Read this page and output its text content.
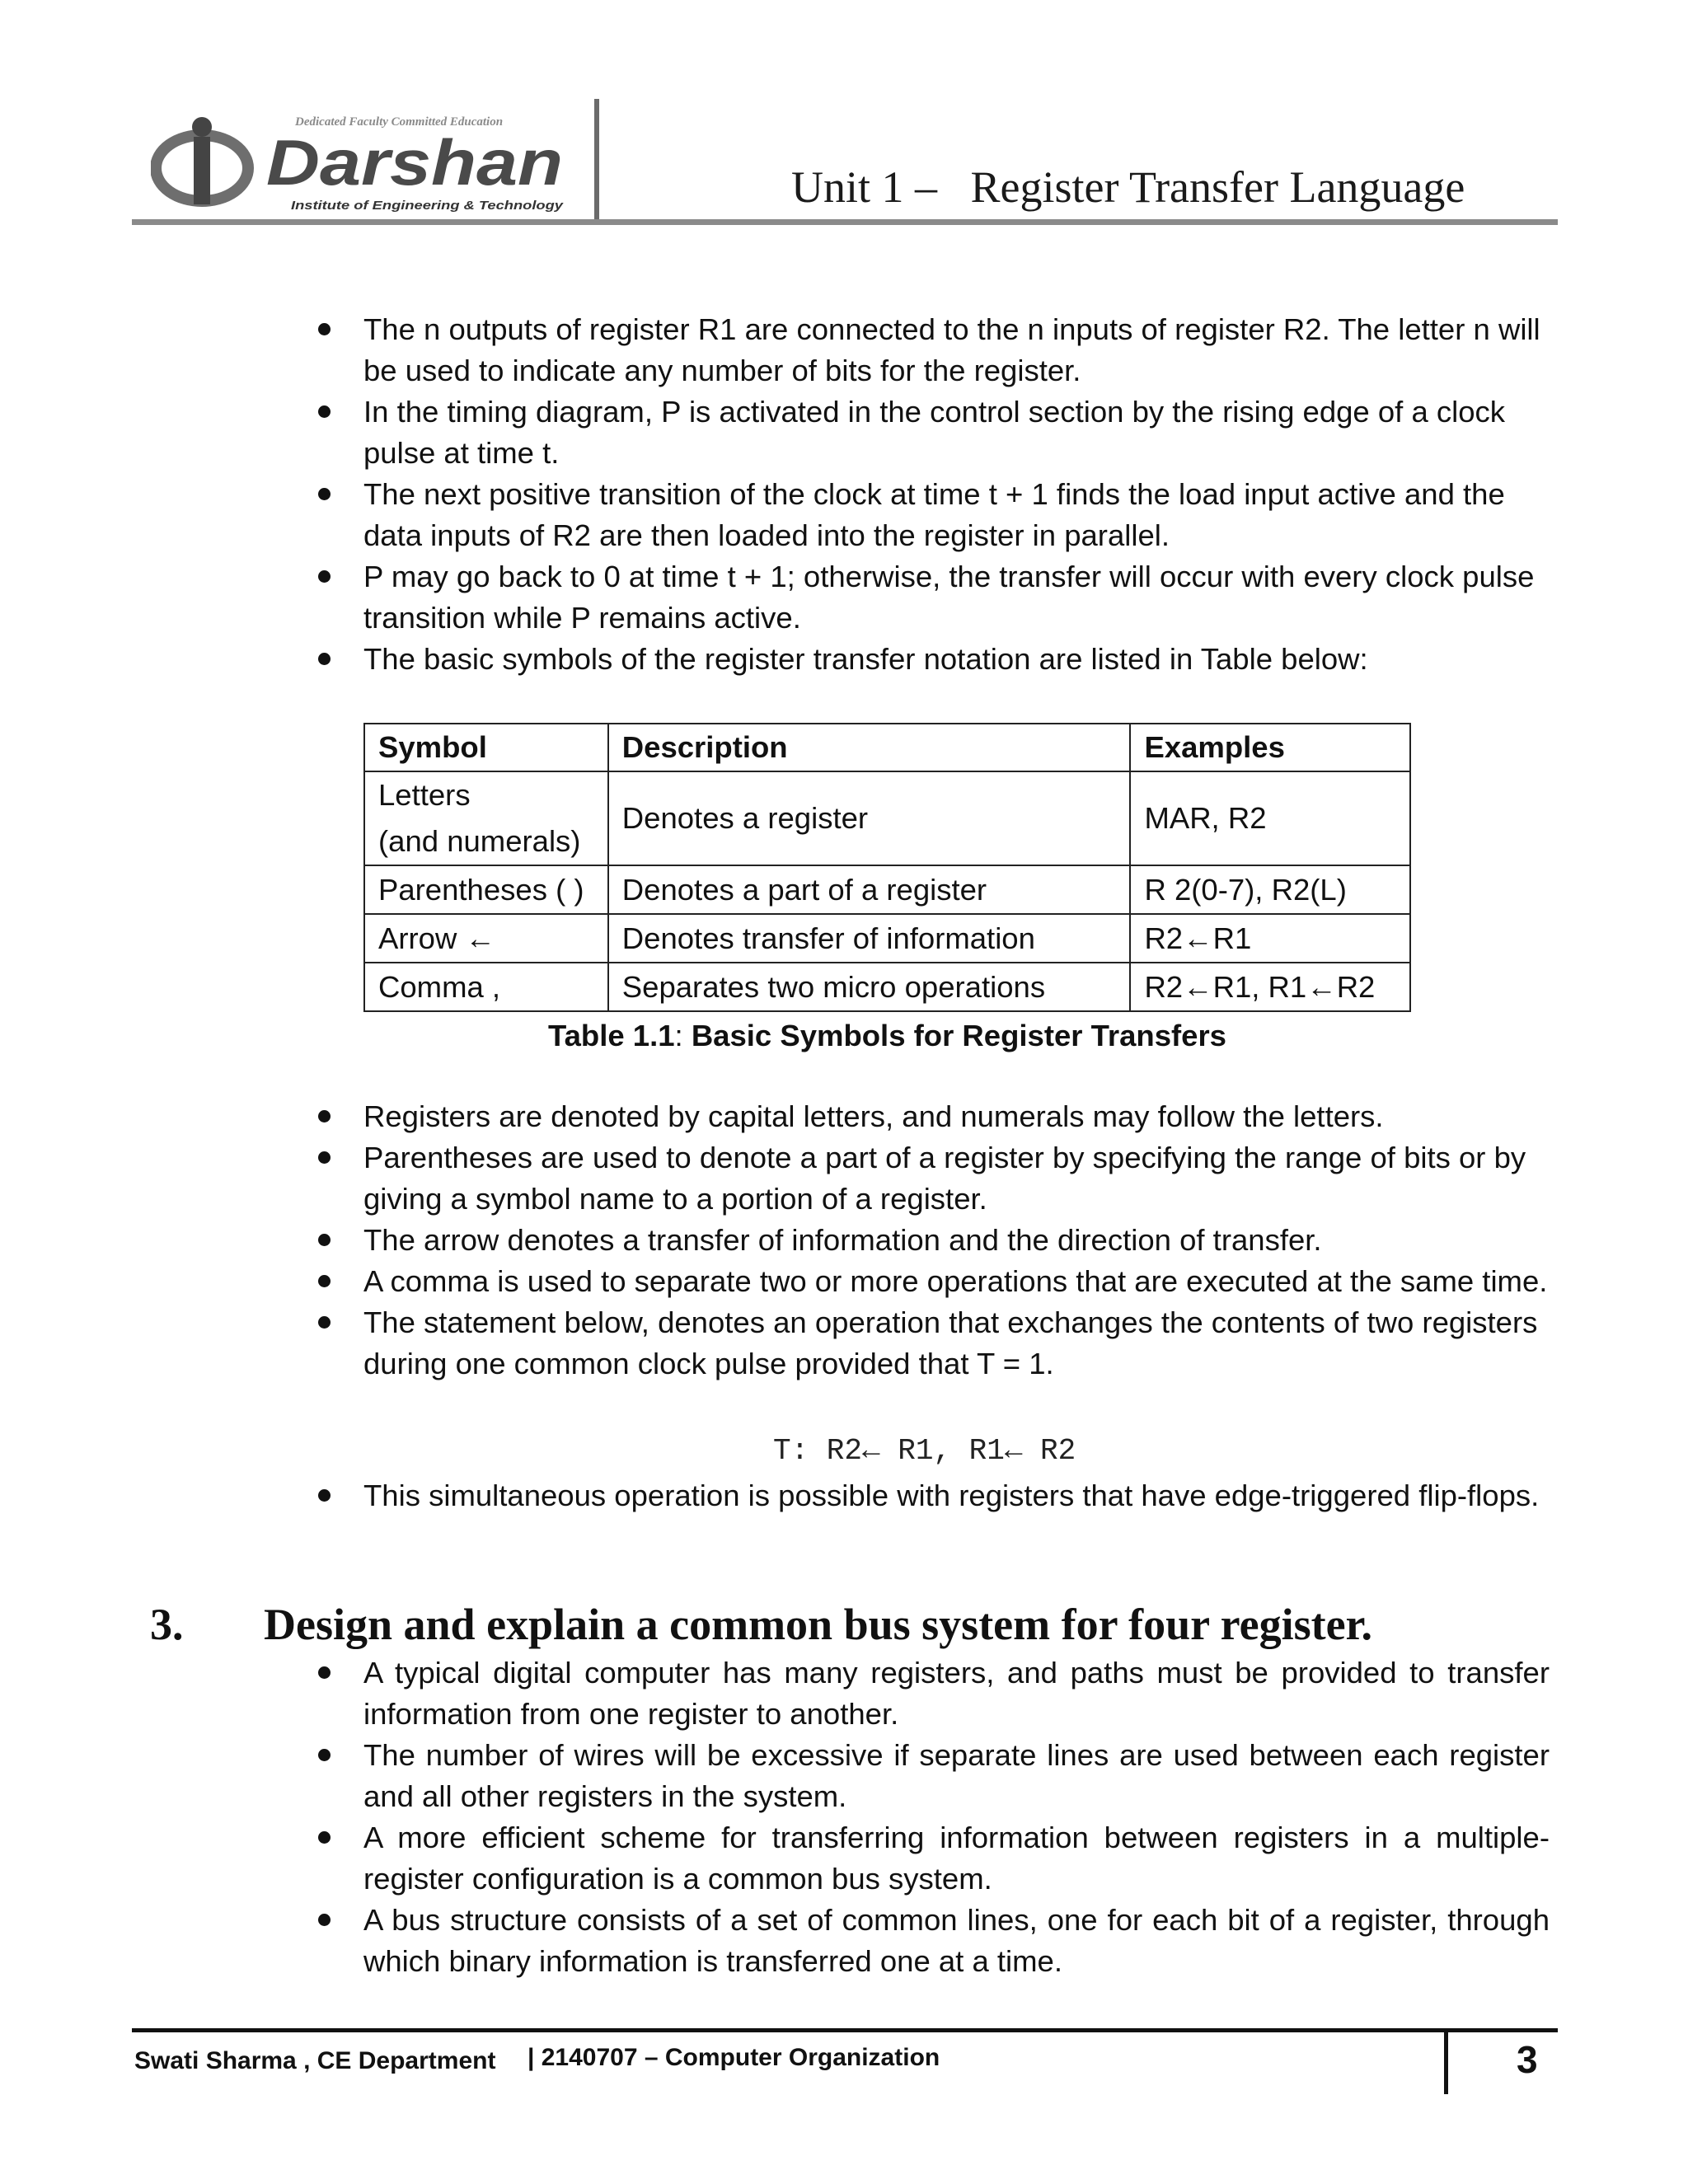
Dedicated Faculty Committed Education
Darshan
Institute of Engineering & Technology	Unit 1 –   Register Transfer Language
The n outputs of register R1 are connected to the n inputs of register R2. The letter n will be used to indicate any number of bits for the register.
In the timing diagram, P is activated in the control section by the rising edge of a clock pulse at time t.
The next positive transition of the clock at time t + 1 finds the load input active and the data inputs of R2 are then loaded into the register in parallel.
P may go back to 0 at time t + 1; otherwise, the transfer will occur with every clock pulse transition while P remains active.
The basic symbols of the register transfer notation are listed in Table below:
Symbol	Description	Examples

Letters
(and numerals)	Denotes a register	MAR, R2
Parentheses ( )	Denotes a part of a register	R 2(0-7), R2(L)
Arrow ←	Denotes transfer of information	R2←R1
Comma ,	Separates two micro operations	R2←R1, R1←R2
Table 1.1: Basic Symbols for Register Transfers
Registers are denoted by capital letters, and numerals may follow the letters.
Parentheses are used to denote a part of a register by specifying the range of bits or by giving a symbol name to a portion of a register.
The arrow denotes a transfer of information and the direction of transfer.
A comma is used to separate two or more operations that are executed at the same time.
The statement below, denotes an operation that exchanges the contents of two registers during one common clock pulse provided that T = 1.
T: R2← R1, R1← R2
This simultaneous operation is possible with registers that have edge-triggered flip-flops.
3. Design and explain a common bus system for four register.
A typical digital computer has many registers, and paths must be provided to transfer information from one register to another.
The number of wires will be excessive if separate lines are used between each register and all other registers in the system.
A more efficient scheme for transferring information between registers in a multiple-register configuration is a common bus system.
A bus structure consists of a set of common lines, one for each bit of a register, through which binary information is transferred one at a time.
Swati Sharma , CE Department | 2140707 – Computer Organization	3
